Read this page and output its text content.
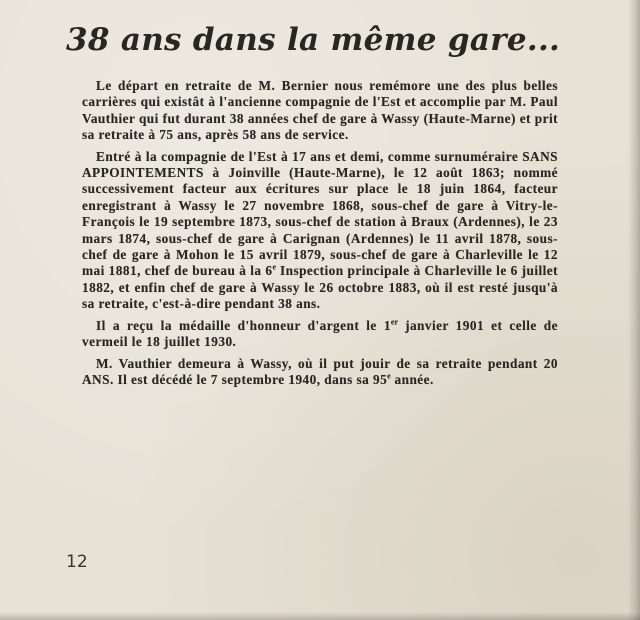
38 ans dans la même gare...

Le départ en retraite de M. Bernier nous remémore une des plus belles carrières qui existât à l'ancienne compagnie de l'Est et accomplie par M. Paul Vauthier qui fut durant 38 années chef de gare à Wassy (Haute-Marne) et prit sa retraite à 75 ans, après 58 ans de service.

Entré à la compagnie de l'Est à 17 ans et demi, comme surnuméraire SANS APPOINTEMENTS à Joinville (Haute-Marne), le 12 août 1863; nommé successivement facteur aux écritures sur place le 18 juin 1864, facteur enregistrant à Wassy le 27 novembre 1868, sous-chef de gare à Vitry-le-François le 19 septembre 1873, sous-chef de station à Braux (Ardennes), le 23 mars 1874, sous-chef de gare à Carignan (Ardennes) le 11 avril 1878, sous-chef de gare à Mohon le 15 avril 1879, sous-chef de gare à Charleville le 12 mai 1881, chef de bureau à la 6e Inspection principale à Charleville le 6 juillet 1882, et enfin chef de gare à Wassy le 26 octobre 1883, où il est resté jusqu'à sa retraite, c'est-à-dire pendant 38 ans.

Il a reçu la médaille d'honneur d'argent le 1er janvier 1901 et celle de vermeil le 18 juillet 1930.

M. Vauthier demeura à Wassy, où il put jouir de sa retraite pendant 20 ANS. Il est décédé le 7 septembre 1940, dans sa 95e année.

12
